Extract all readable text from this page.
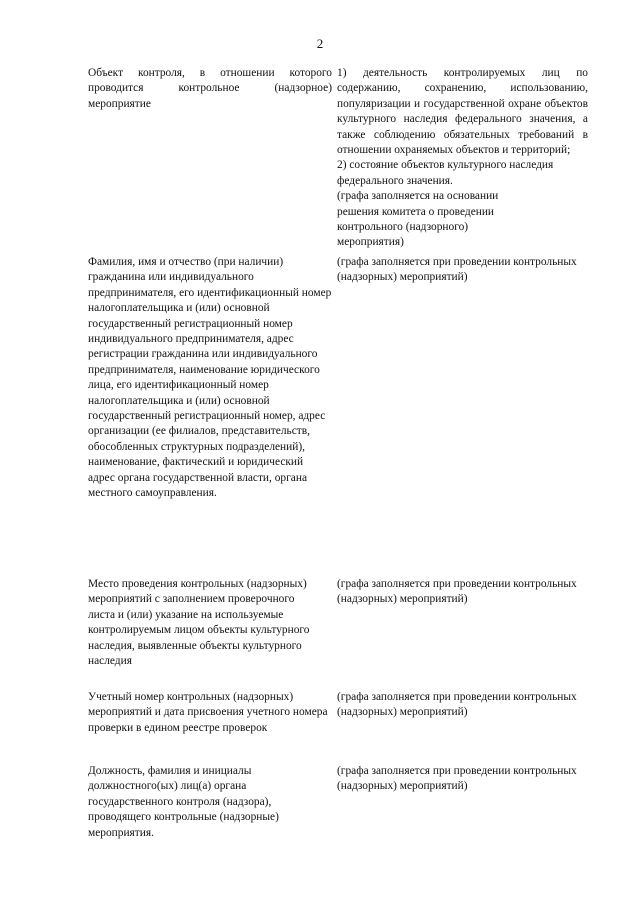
2

Объект контроля, в отношении которого проводится контрольное (надзорное) мероприятие

1) деятельность контролируемых лиц по содержанию, сохранению, использованию, популяризации и государственной охране объектов культурного наследия федерального значения, а также соблюдению обязательных требований в отношении охраняемых объектов и территорий;
2) состояние объектов культурного наследия федерального значения.
(графа заполняется на основании решения комитета о проведении контрольного (надзорного) мероприятия)

Фамилия, имя и отчество (при наличии) гражданина или индивидуального предпринимателя, его идентификационный номер налогоплательщика и (или) основной государственный регистрационный номер индивидуального предпринимателя, адрес регистрации гражданина или индивидуального предпринимателя, наименование юридического лица, его идентификационный номер налогоплательщика и (или) основной государственный регистрационный номер, адрес организации (ее филиалов, представительств, обособленных структурных подразделений), наименование, фактический и юридический адрес органа государственной власти, органа местного самоуправления.

(графа заполняется при проведении контрольных (надзорных) мероприятий)

Место проведения контрольных (надзорных) мероприятий с заполнением проверочного листа и (или) указание на используемые контролируемым лицом объекты культурного наследия, выявленные объекты культурного наследия

(графа заполняется при проведении контрольных (надзорных) мероприятий)

Учетный номер контрольных (надзорных) мероприятий и дата присвоения учетного номера проверки в едином реестре проверок

(графа заполняется при проведении контрольных (надзорных) мероприятий)

Должность, фамилия и инициалы должностного(ых) лиц(а) органа государственного контроля (надзора), проводящего контрольные (надзорные) мероприятия.

(графа заполняется при проведении контрольных (надзорных) мероприятий)
